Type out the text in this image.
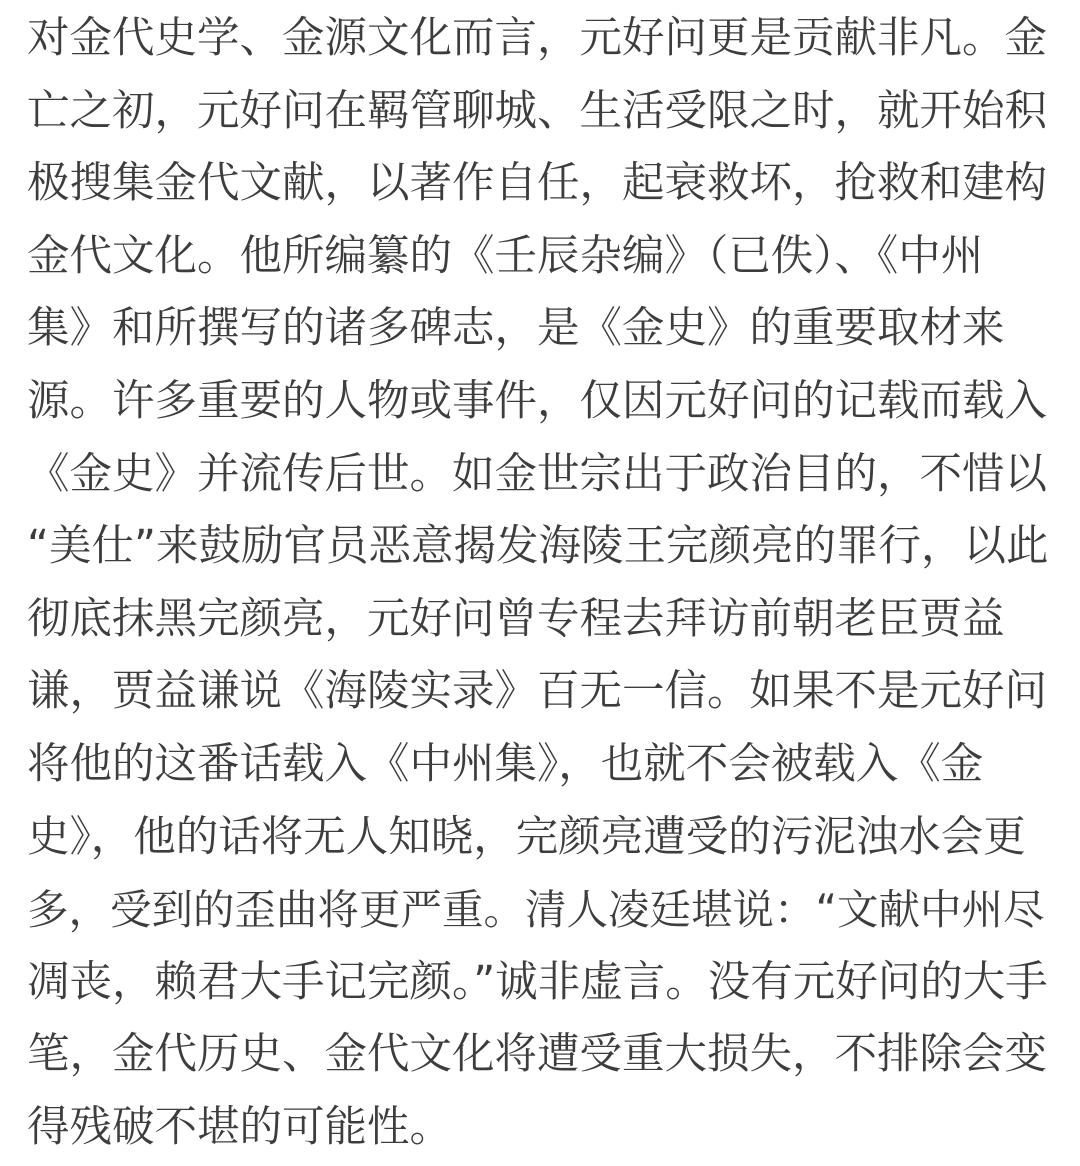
对金代史学、金源文化而言，元好问更是贡献非凡。金
亡之初，元好问在羁管聊城、生活受限之时，就开始积
极搜集金代文献，以著作自任，起衰救坏，抢救和建构
金代文化。他所编纂的《壬辰杂编》（已佚）、《中州
集》和所撰写的诸多碑志，是《金史》的重要取材来
源。许多重要的人物或事件，仅因元好问的记载而载入
《金史》并流传后世。如金世宗出于政治目的，不惜以
“美仕”来鼓励官员恶意揭发海陵王完颜亮的罪行，以此
彻底抹黑完颜亮，元好问曾专程去拜访前朝老臣贾益
谦，贾益谦说《海陵实录》百无一信。如果不是元好问
将他的这番话载入《中州集》，也就不会被载入《金
史》，他的话将无人知晓，完颜亮遭受的污泥浊水会更
多，受到的歪曲将更严重。清人凌廷堪说：“文献中州尽
凋丧，赖君大手记完颜。”诚非虚言。没有元好问的大手
笔，金代历史、金代文化将遭受重大损失，不排除会变
得残破不堪的可能性。
